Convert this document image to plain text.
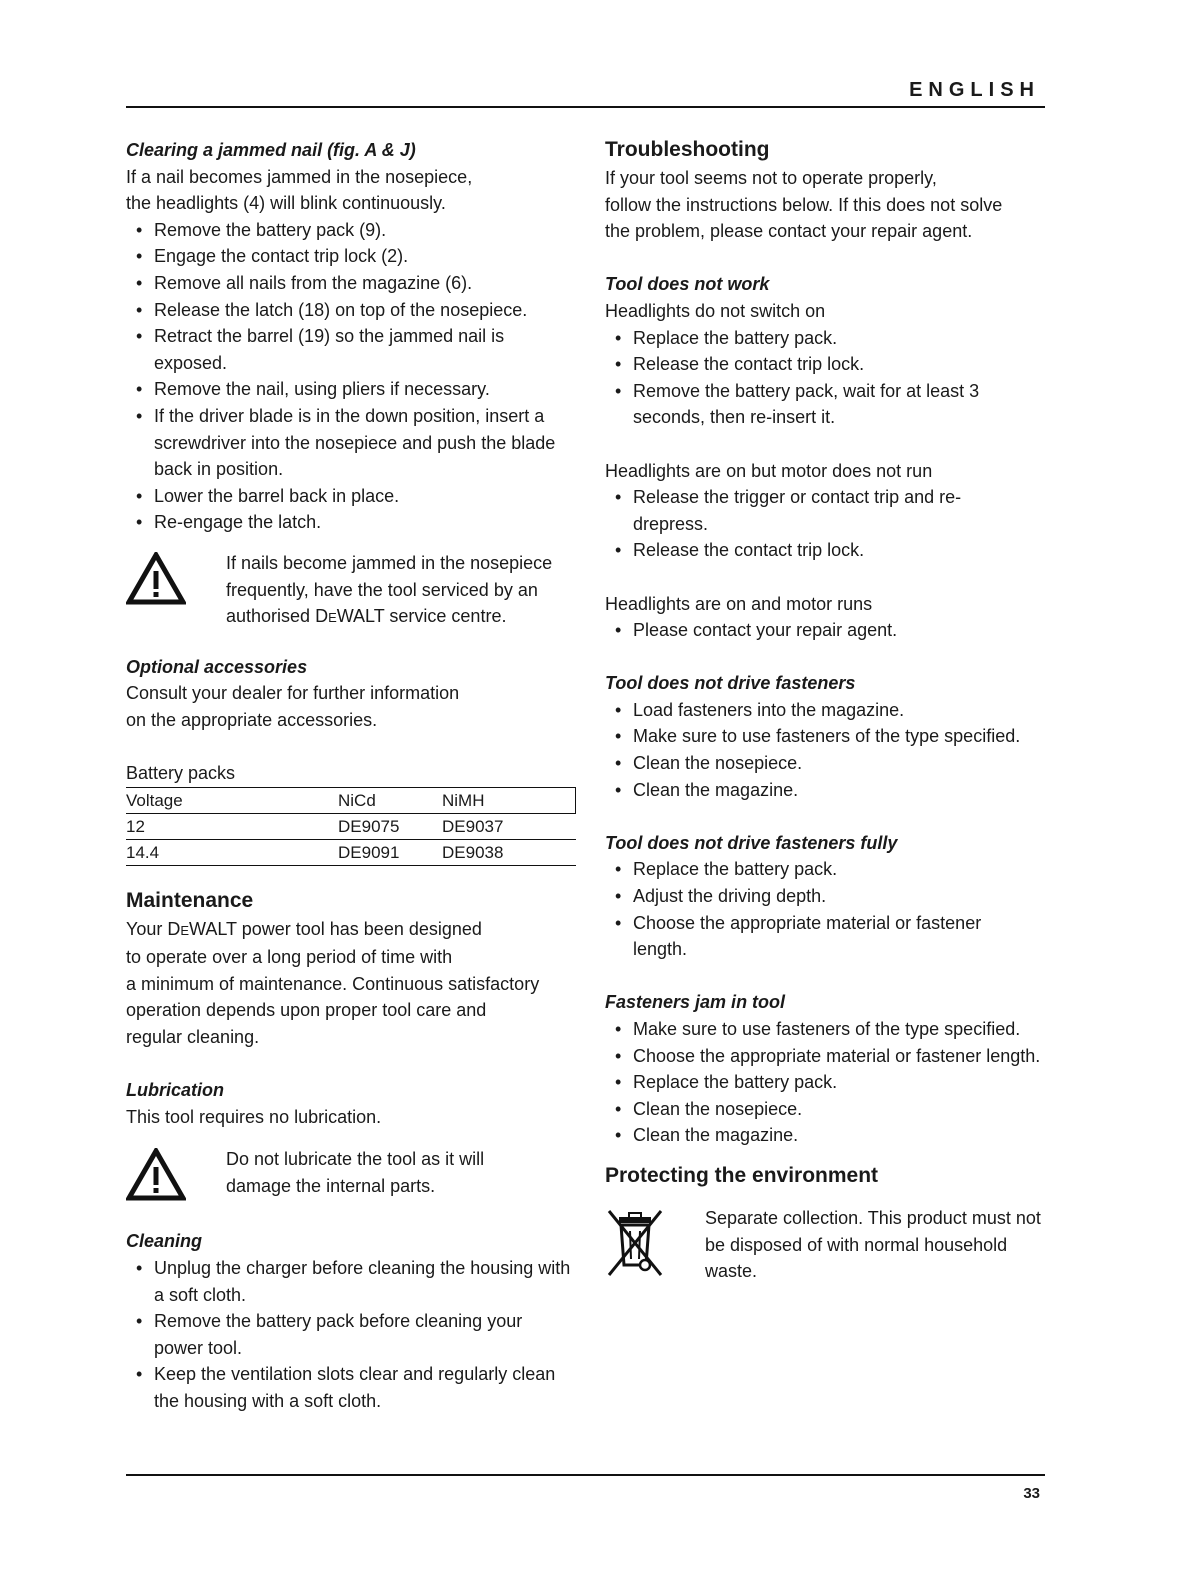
ENGLISH
Clearing a jammed nail (fig. A & J)
If a nail becomes jammed in the nosepiece,
the headlights (4) will blink continuously.
• Remove the battery pack (9).
• Engage the contact trip lock (2).
• Remove all nails from the magazine (6).
• Release the latch (18) on top of the nosepiece.
• Retract the barrel (19) so the jammed nail is exposed.
• Remove the nail, using pliers if necessary.
• If the driver blade is in the down position, insert a screwdriver into the nosepiece and push the blade back in position.
• Lower the barrel back in place.
• Re-engage the latch.
If nails become jammed in the nosepiece frequently, have the tool serviced by an authorised DEWALT service centre.
Optional accessories
Consult your dealer for further information
on the appropriate accessories.
Battery packs
Voltage	NiCd	NiMH
12	DE9075	DE9037
14.4	DE9091	DE9038
Maintenance
Your DEWALT power tool has been designed
to operate over a long period of time with
a minimum of maintenance. Continuous satisfactory
operation depends upon proper tool care and
regular cleaning.
Lubrication
This tool requires no lubrication.
Do not lubricate the tool as it will damage the internal parts.
Cleaning
• Unplug the charger before cleaning the housing with a soft cloth.
• Remove the battery pack before cleaning your power tool.
• Keep the ventilation slots clear and regularly clean the housing with a soft cloth.
Troubleshooting
If your tool seems not to operate properly,
follow the instructions below. If this does not solve
the problem, please contact your repair agent.
Tool does not work
Headlights do not switch on
• Replace the battery pack.
• Release the contact trip lock.
• Remove the battery pack, wait for at least 3 seconds, then re-insert it.
Headlights are on but motor does not run
• Release the trigger or contact trip and re-drepress.
• Release the contact trip lock.
Headlights are on and motor runs
• Please contact your repair agent.
Tool does not drive fasteners
• Load fasteners into the magazine.
• Make sure to use fasteners of the type specified.
• Clean the nosepiece.
• Clean the magazine.
Tool does not drive fasteners fully
• Replace the battery pack.
• Adjust the driving depth.
• Choose the appropriate material or fastener length.
Fasteners jam in tool
• Make sure to use fasteners of the type specified.
• Choose the appropriate material or fastener length.
• Replace the battery pack.
• Clean the nosepiece.
• Clean the magazine.
Protecting the environment
Separate collection. This product must not be disposed of with normal household waste.
33
